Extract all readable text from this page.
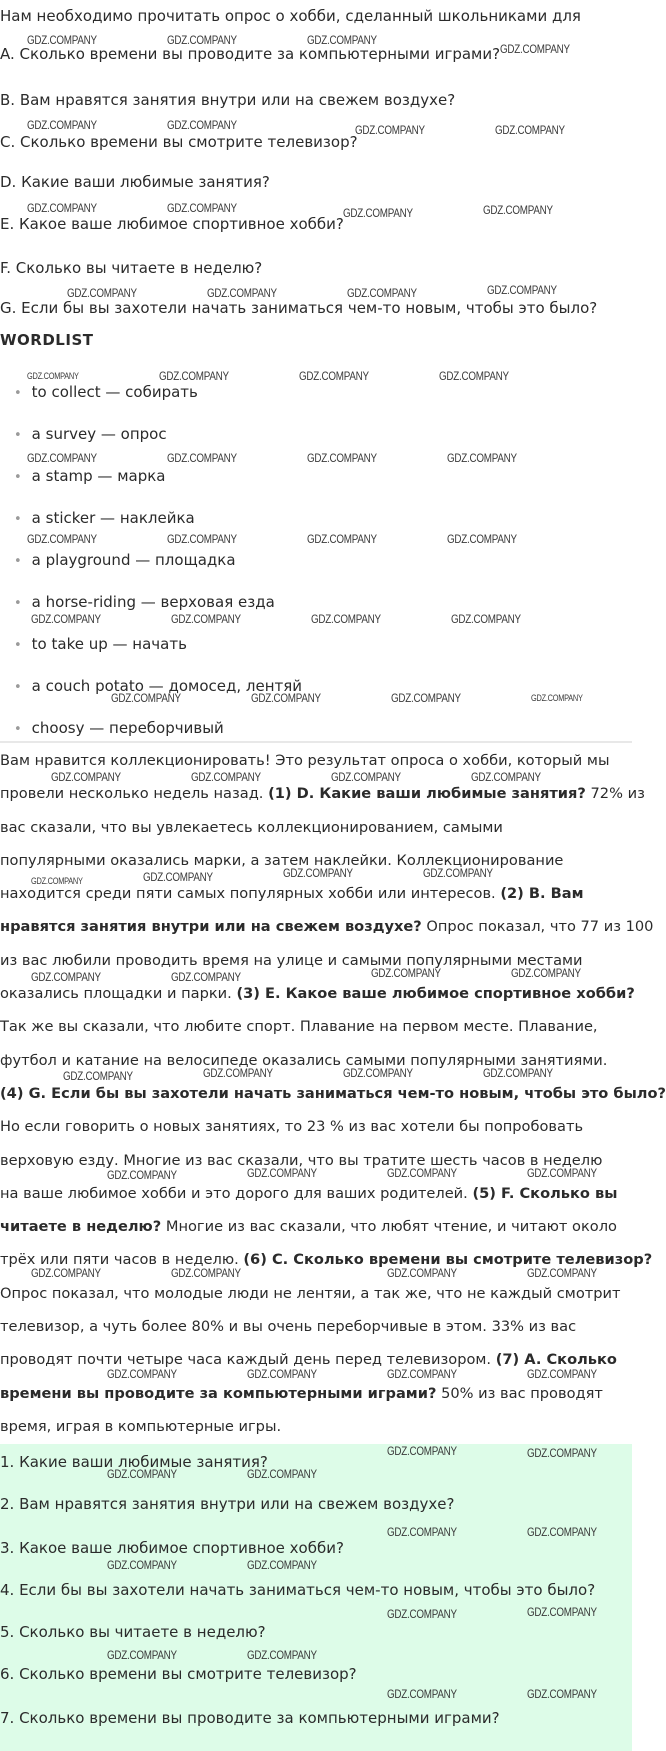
Нам необходимо прочитать опрос о хобби, сделанный школьниками для

A. Сколько времени вы проводите за компьютерными играми?

B. Вам нравятся занятия внутри или на свежем воздухе?

C. Сколько времени вы смотрите телевизор?

D. Какие ваши любимые занятия?

E. Какое ваше любимое спортивное хобби?

F. Сколько вы читаете в неделю?

G. Если бы вы захотели начать заниматься чем-то новым, чтобы это было?

WORDLIST

• to collect — собирать
• a survey — опрос
• a stamp — марка
• a sticker — наклейка
• a playground — площадка
• a horse-riding — верховая езда
• to take up — начать
• a couch potato — домосед, лентяй
• choosy — переборчивый

Вам нравится коллекционировать! Это результат опроса о хобби, который мы

провели несколько недель назад. (1) D. Какие ваши любимые занятия? 72% из

вас сказали, что вы увлекаетесь коллекционированием, самыми

популярными оказались марки, а затем наклейки. Коллекционирование

находится среди пяти самых популярных хобби или интересов. (2) B. Вам

нравятся занятия внутри или на свежем воздухе? Опрос показал, что 77 из 100

из вас любили проводить время на улице и самыми популярными местами

оказались площадки и парки. (3) E. Какое ваше любимое спортивное хобби?

Так же вы сказали, что любите спорт. Плавание на первом месте. Плавание,

футбол и катание на велосипеде оказались самыми популярными занятиями.

(4) G. Если бы вы захотели начать заниматься чем-то новым, чтобы это было?

Но если говорить о новых занятиях, то 23 % из вас хотели бы попробовать

верховую езду. Многие из вас сказали, что вы тратите шесть часов в неделю

на ваше любимое хобби и это дорого для ваших родителей. (5) F. Сколько вы

читаете в неделю? Многие из вас сказали, что любят чтение, и читают около

трёх или пяти часов в неделю. (6) C. Сколько времени вы смотрите телевизор?

Опрос показал, что молодые люди не лентяи, а так же, что не каждый смотрит

телевизор, а чуть более 80% и вы очень переборчивые в этом. 33% из вас

проводят почти четыре часа каждый день перед телевизором. (7) A. Сколько

времени вы проводите за компьютерными играми? 50% из вас проводят

время, играя в компьютерные игры.

1. Какие ваши любимые занятия?

2. Вам нравятся занятия внутри или на свежем воздухе?

3. Какое ваше любимое спортивное хобби?

4. Если бы вы захотели начать заниматься чем-то новым, чтобы это было?

5. Сколько вы читаете в неделю?

6. Сколько времени вы смотрите телевизор?

7. Сколько времени вы проводите за компьютерными играми?

GDZ.COMPANY	GDZ.COMPANY	GDZ.COMPANY
GDZ.COMPANY
GDZ.COMPANY	GDZ.COMPANY	GDZ.COMPANY	GDZ.COMPANY
GDZ.COMPANY	GDZ.COMPANY	GDZ.COMPANY	GDZ.COMPANY
GDZ.COMPANY	GDZ.COMPANY	GDZ.COMPANY	GDZ.COMPANY
GDZ.COMPANY	GDZ.COMPANY	GDZ.COMPANY	GDZ.COMPANY
GDZ.COMPANY	GDZ.COMPANY	GDZ.COMPANY	GDZ.COMPANY
GDZ.COMPANY	GDZ.COMPANY	GDZ.COMPANY	GDZ.COMPANY
GDZ.COMPANY	GDZ.COMPANY	GDZ.COMPANY	GDZ.COMPANY
GDZ.COMPANY	GDZ.COMPANY	GDZ.COMPANY	GDZ.COMPANY
GDZ.COMPANY	GDZ.COMPANY	GDZ.COMPANY	GDZ.COMPANY
GDZ.COMPANY	GDZ.COMPANY	GDZ.COMPANY	GDZ.COMPANY
GDZ.COMPANY	GDZ.COMPANY	GDZ.COMPANY	GDZ.COMPANY
GDZ.COMPANY	GDZ.COMPANY	GDZ.COMPANY	GDZ.COMPANY
GDZ.COMPANY	GDZ.COMPANY	GDZ.COMPANY	GDZ.COMPANY
GDZ.COMPANY	GDZ.COMPANY	GDZ.COMPANY	GDZ.COMPANY
GDZ.COMPANY	GDZ.COMPANY	GDZ.COMPANY	GDZ.COMPANY
GDZ.COMPANY	GDZ.COMPANY
GDZ.COMPANY	GDZ.COMPANY
GDZ.COMPANY	GDZ.COMPANY
GDZ.COMPANY	GDZ.COMPANY
GDZ.COMPANY	GDZ.COMPANY
GDZ.COMPANY	GDZ.COMPANY
GDZ.COMPANY	GDZ.COMPANY
